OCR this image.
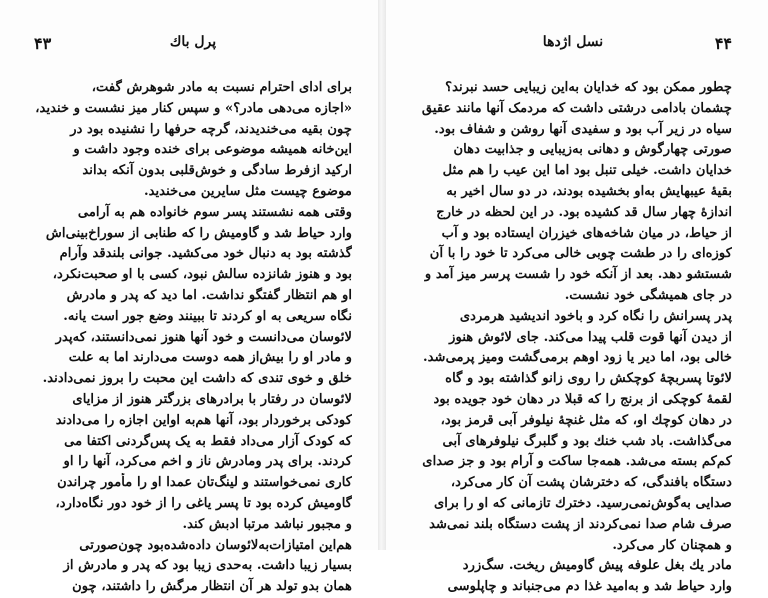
۴۳	پرل باك
برای ادای احترام نسبت به مادر شوهرش گفت،
«اجازه می‌دهی مادر؟» و سپس کنار میز نشست و خندید،
چون بقیه می‌خندیدند، گرچه حرفها را نشنیده بود در
این‌خانه همیشه موضوعی برای خنده وجود داشت و
ارکید ازفرط سادگی و خوش‌قلبی بدون آنکه بداند
موضوع چیست مثل سایرین می‌خندید.
وقتی همه نشستند پسر سوم خانواده هم به آرامی
وارد حیاط شد و گاومیش را که طنابی از سوراخ‌بینی‌اش
گذشته بود به دنبال خود می‌کشید. جوانی بلندقد وآرام
بود و هنوز شانزده سالش نبود، کسی با او صحبت‌نکرد،
او هم انتظار گفتگو نداشت. اما دید که پدر و مادرش
نگاه سریعی به او کردند تا ببینند وضع جور است یانه.
لائوسان می‌دانست و خود آنها هنوز نمی‌دانستند، که‌پدر
و مادر او را بیش‌از همه دوست می‌دارند اما به علت
خلق و خوی تندی که داشت این محبت را بروز نمی‌دادند.
لائوسان در رفتار با برادرهای بزرگتر هنوز از مزایای
کودکی برخوردار بود، آنها هم‌به اواین اجازه را می‌دادند
که کودک آزار می‌داد فقط به یک پس‌گردنی اکتفا می‌
کردند. برای پدر ومادرش ناز و اخم می‌کرد، آنها را او
کاری نمی‌خواستند و لینگ‌تان عمدا او را مأمور چراندن
گاومیش کرده بود تا پسر یاغی را از خود دور نگاه‌دارد،
و مجبور نباشد مرتبا ادبش کند.
هم‌این امتیازات‌به‌لائوسان داده‌شده‌بود چون‌صورتی
بسیار زیبا داشت. به‌حدی زیبا بود که پدر و مادرش از
همان بدو تولد هر آن انتظار مرگش را داشتند، چون
۴۴
نسل اژدها
چطور ممکن بود که خدایان به‌این زیبایی حسد نبرند؟
چشمان بادامی درشتی داشت که مردمک آنها مانند عقیق
سیاه در زیر آب بود و سفیدی آنها روشن و شفاف بود.
صورتی چهارگوش و دهانی به‌زیبایی و جذابیت دهان
خدایان داشت. خیلی تنبل بود اما این عیب را هم مثل
بقیهٔ عیبهایش به‌او بخشیده بودند، در دو سال اخیر به
اندازهٔ چهار سال قد کشیده بود. در این لحظه در خارج
از حیاط، در میان شاخه‌های خیزران ایستاده بود و آب
کوزه‌ای را در طشت چوبی خالی می‌کرد تا خود را با آن
شستشو دهد. بعد از آنکه خود را شست پرسر میز آمد و
در جای همیشگی خود نشست.
پدر پسرانش را نگاه کرد و باخود اندیشید هرمردی
از دیدن آنها قوت قلب پیدا می‌کند. جای لائوش هنوز
خالی بود، اما دیر یا زود اوهم برمی‌گشت ومیز پرمی‌شد.
لائوتا پسربچهٔ کوچکش را روی زانو گذاشته بود و گاه
لقمهٔ کوچکی از برنج را که قبلا در دهان خود جویده بود
در دهان کوچك او، که مثل غنچهٔ نیلوفر آبی قرمز بود،
می‌گذاشت. باد شب خنك بود و گلبرگ نیلوفرهای آبی
کم‌کم بسته می‌شد. همه‌جا ساکت و آرام بود و جز صدای
دستگاه بافندگی، که دخترشان پشت آن کار می‌کرد،
صدایی به‌گوش‌نمی‌رسید. دخترك تازمانی که او را برای
صرف شام صدا نمی‌کردند از پشت دستگاه بلند نمی‌شد
و همچنان کار می‌کرد.
مادر یك بغل علوفه پیش گاومیش ریخت. سگ‌زرد
وارد حیاط شد و به‌امید غذا دم می‌جنباند و چاپلوسی
